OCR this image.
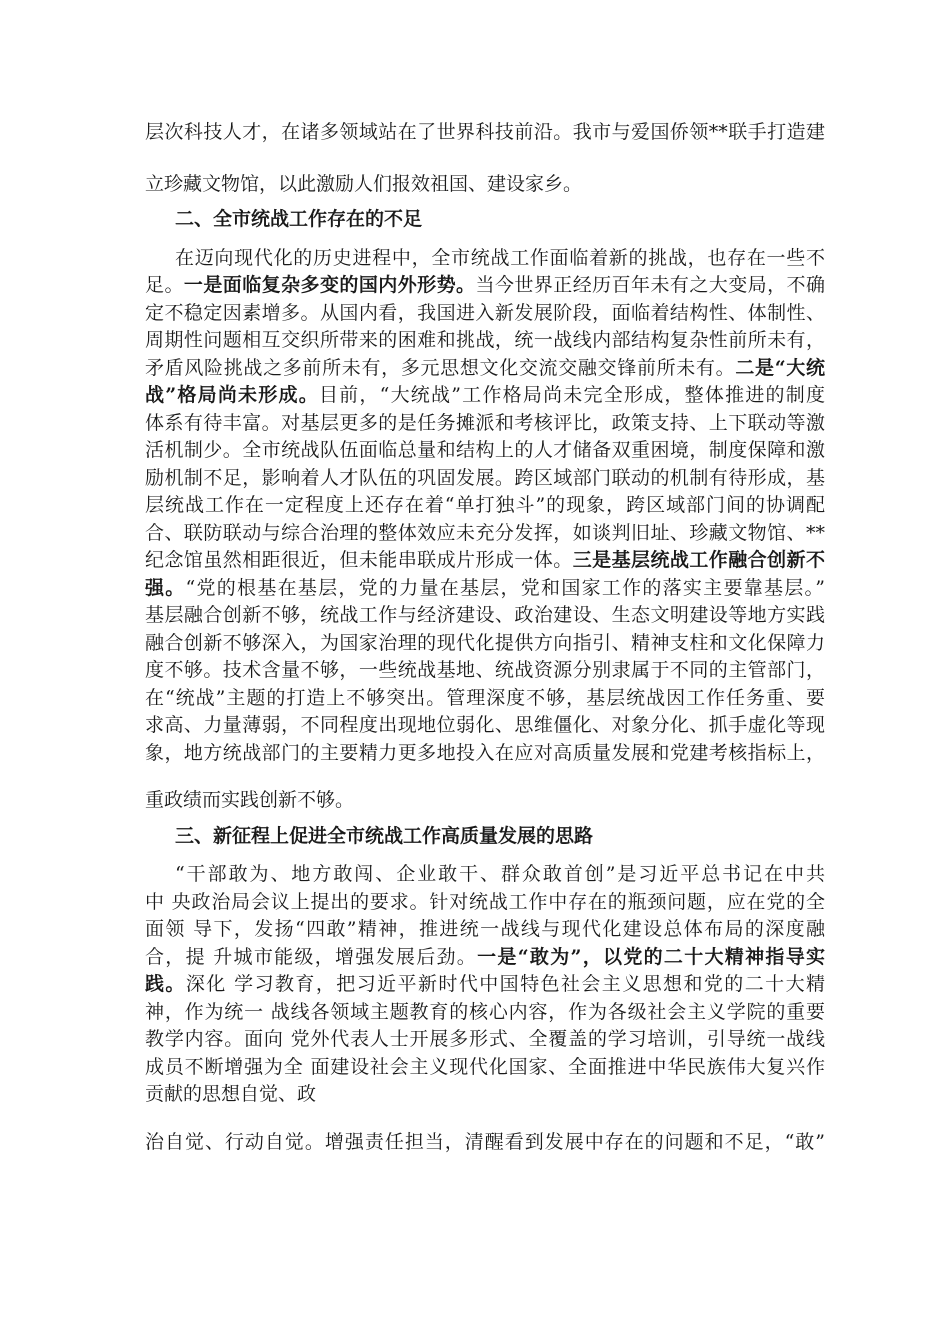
层次科技人才，在诸多领域站在了世界科技前沿。我市与爱国侨领**联手打造建
立珍藏文物馆，以此激励人们报效祖国、建设家乡。
二、全市统战工作存在的不足
在迈向现代化的历史进程中，全市统战工作面临着新的挑战，也存在一些不
足。一是面临复杂多变的国内外形势。当今世界正经历百年未有之大变局，不确
定不稳定因素增多。从国内看，我国进入新发展阶段，面临着结构性、体制性、
周期性问题相互交织所带来的困难和挑战，统一战线内部结构复杂性前所未有，
矛盾风险挑战之多前所未有，多元思想文化交流交融交锋前所未有。二是“大统
战”格局尚未形成。目前，“大统战”工作格局尚未完全形成，整体推进的制度
体系有待丰富。对基层更多的是任务摊派和考核评比，政策支持、上下联动等激
活机制少。全市统战队伍面临总量和结构上的人才储备双重困境，制度保障和激
励机制不足，影响着人才队伍的巩固发展。跨区域部门联动的机制有待形成，基
层统战工作在一定程度上还存在着“单打独斗”的现象，跨区域部门间的协调配
合、联防联动与综合治理的整体效应未充分发挥，如谈判旧址、珍藏文物馆、**
纪念馆虽然相距很近，但未能串联成片形成一体。三是基层统战工作融合创新不
强。“党的根基在基层，党的力量在基层，党和国家工作的落实主要靠基层。”
基层融合创新不够，统战工作与经济建设、政治建设、生态文明建设等地方实践
融合创新不够深入，为国家治理的现代化提供方向指引、精神支柱和文化保障力
度不够。技术含量不够，一些统战基地、统战资源分别隶属于不同的主管部门，
在“统战”主题的打造上不够突出。管理深度不够，基层统战因工作任务重、要
求高、力量薄弱，不同程度出现地位弱化、思维僵化、对象分化、抓手虚化等现
象，地方统战部门的主要精力更多地投入在应对高质量发展和党建考核指标上，
重政绩而实践创新不够。
三、新征程上促进全市统战工作高质量发展的思路
“干部敢为、地方敢闯、企业敢干、群众敢首创”是习近平总书记在中共
中 央政治局会议上提出的要求。针对统战工作中存在的瓶颈问题，应在党的全
面领 导下，发扬“四敢”精神，推进统一战线与现代化建设总体布局的深度融
合，提 升城市能级，增强发展后劲。一是“敢为”，以党的二十大精神指导实
践。深化 学习教育，把习近平新时代中国特色社会主义思想和党的二十大精
神，作为统一 战线各领域主题教育的核心内容，作为各级社会主义学院的重要
教学内容。面向 党外代表人士开展多形式、全覆盖的学习培训，引导统一战线
成员不断增强为全 面建设社会主义现代化国家、全面推进中华民族伟大复兴作
贡献的思想自觉、政
治自觉、行动自觉。增强责任担当，清醒看到发展中存在的问题和不足，“敢”
